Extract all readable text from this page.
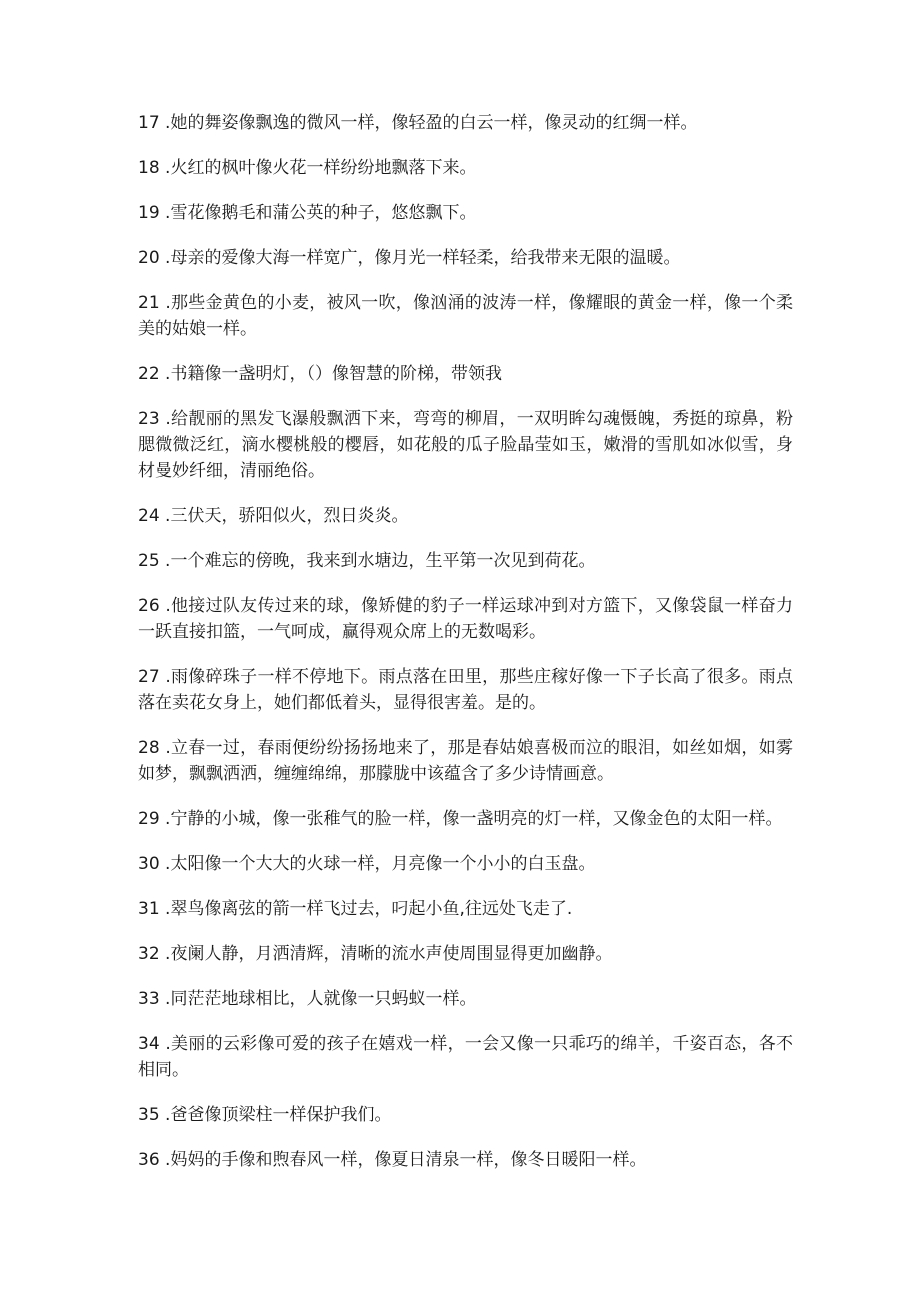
17 . 她的舞姿像飘逸的微风一样，像轻盈的白云一样，像灵动的红绸一样。
18 . 火红的枫叶像火花一样纷纷地飘落下来。
19 . 雪花像鹅毛和蒲公英的种子，悠悠飘下。
20 . 母亲的爱像大海一样宽广，像月光一样轻柔，给我带来无限的温暖。
21 .那些金黄色的小麦，被风一吹，像汹涌的波涛一样，像耀眼的黄金一样，像一个柔美的姑娘一样。
22 . 书籍像一盏明灯，（）像智慧的阶梯，带领我
23 .给靓丽的黑发飞瀑般飘洒下来，弯弯的柳眉，一双明眸勾魂慑魄，秀挺的琼鼻，粉腮微微泛红，滴水樱桃般的樱唇，如花般的瓜子脸晶莹如玉，嫩滑的雪肌如冰似雪，身材曼妙纤细，清丽绝俗。
24 . 三伏天，骄阳似火，烈日炎炎。
25 . 一个难忘的傍晚，我来到水塘边，生平第一次见到荷花。
26 .他接过队友传过来的球，像矫健的豹子一样运球冲到对方篮下，又像袋鼠一样奋力一跃直接扣篮，一气呵成，赢得观众席上的无数喝彩。
27 .雨像碎珠子一样不停地下。雨点落在田里，那些庄稼好像一下子长高了很多。雨点落在卖花女身上，她们都低着头，显得很害羞。是的。
28 .立春一过，春雨便纷纷扬扬地来了，那是春姑娘喜极而泣的眼泪，如丝如烟，如雾如梦，飘飘洒洒，缠缠绵绵，那朦胧中该蕴含了多少诗情画意。
29 .宁静的小城，像一张稚气的脸一样，像一盏明亮的灯一样，又像金色的太阳一样。
30 . 太阳像一个大大的火球一样，月亮像一个小小的白玉盘。
31 . 翠鸟像离弦的箭一样飞过去，叼起小鱼,往远处飞走了.
32 . 夜阑人静，月洒清辉，清晰的流水声使周围显得更加幽静。
33 . 同茫茫地球相比，人就像一只蚂蚁一样。
34 .美丽的云彩像可爱的孩子在嬉戏一样，一会又像一只乖巧的绵羊，千姿百态，各不相同。
35 . 爸爸像顶梁柱一样保护我们。
36 . 妈妈的手像和煦春风一样，像夏日清泉一样，像冬日暖阳一样。
